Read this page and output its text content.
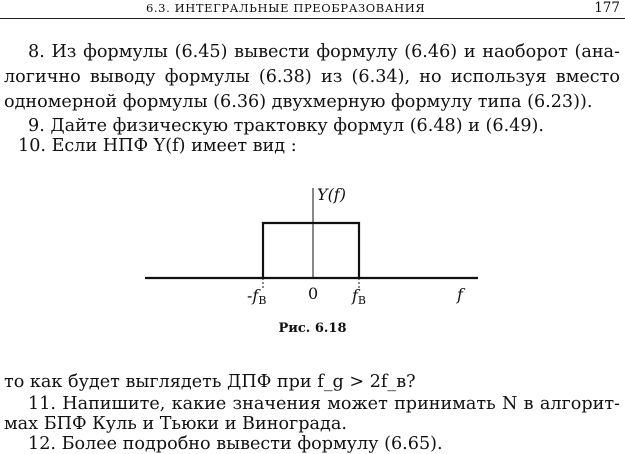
6.3. ИНТЕГРАЛЬНЫЕ ПРЕОБРАЗОВАНИЯ	177
8. Из формулы (6.45) вывести формулу (6.46) и наоборот (ана-
логично выводу формулы (6.38) из (6.34), но используя вместо
одномерной формулы (6.36) двухмерную формулу типа (6.23)).
9. Дайте физическую трактовку формул (6.48) и (6.49).
10. Если НПФ Y(f) имеет вид :
Y(f)
-fB	0 fB	f
Рис. 6.18
то как будет выглядеть ДПФ при f_g > 2f_в?
11. Напишите, какие значения может принимать N в алгорит-
мах БПФ Куль и Тьюки и Винограда.
12. Более подробно вывести формулу (6.65).
